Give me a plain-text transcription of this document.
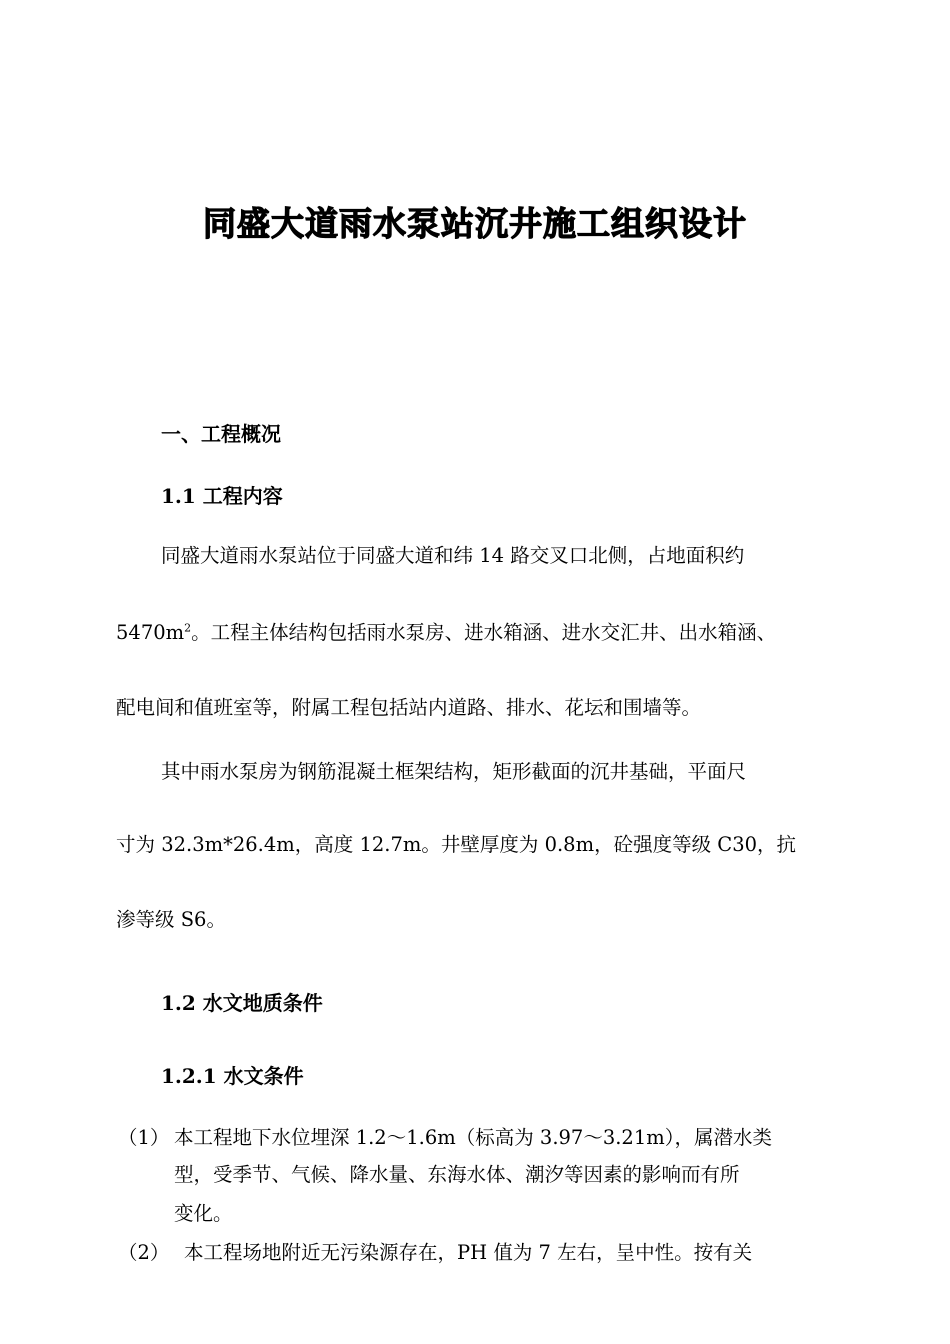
同盛大道雨水泵站沉井施工组织设计
一、工程概况
1.1 工程内容
同盛大道雨水泵站位于同盛大道和纬 14 路交叉口北侧，占地面积约
$5470m^2$。工程主体结构包括雨水泵房、进水箱涵、进水交汇井、出水箱涵、
配电间和值班室等，附属工程包括站内道路、排水、花坛和围墙等。
其中雨水泵房为钢筋混凝土框架结构，矩形截面的沉井基础，平面尺
寸为 32.3m*26.4m，高度 12.7m。井壁厚度为 0.8m，砼强度等级 C30，抗
渗等级 S6。
1.2 水文地质条件
1.2.1 水文条件
（1） 本工程地下水位埋深 1.2～1.6m（标高为 3.97～3.21m），属潜水类
型，受季节、气候、降水量、东海水体、潮汐等因素的影响而有所
变化。
（2） 本工程场地附近无污染源存在，PH 值为 7 左右，呈中性。按有关
